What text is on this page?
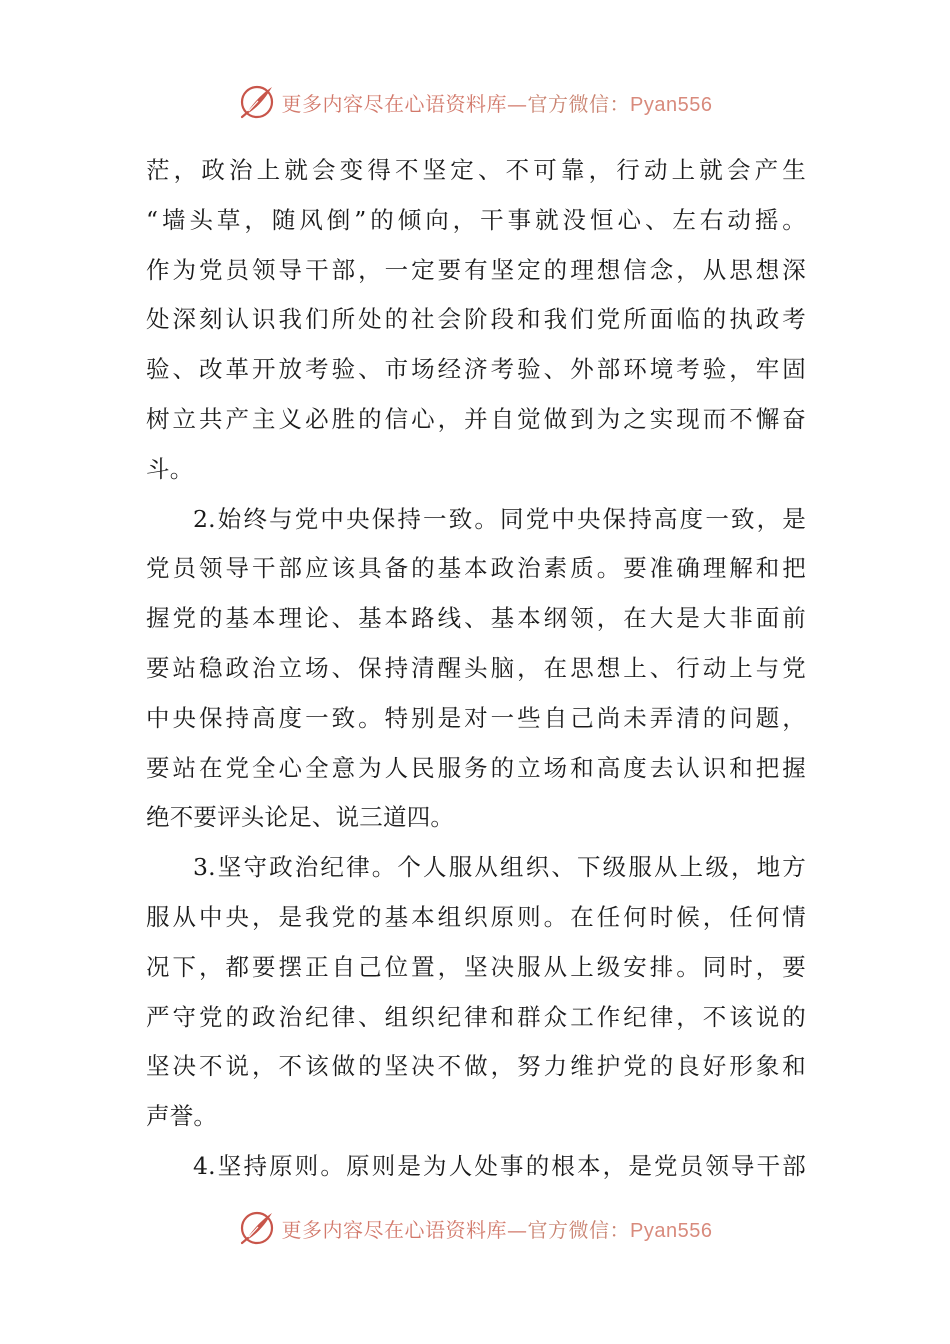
更多内容尽在心语资料库—官方微信：Pyan556
茫，政治上就会变得不坚定、不可靠，行动上就会产生
“墙头草，随风倒”的倾向，干事就没恒心、左右动摇。
作为党员领导干部，一定要有坚定的理想信念，从思想深
处深刻认识我们所处的社会阶段和我们党所面临的执政考
验、改革开放考验、市场经济考验、外部环境考验，牢固
树立共产主义必胜的信心，并自觉做到为之实现而不懈奋
斗。
2.始终与党中央保持一致。同党中央保持高度一致，是
党员领导干部应该具备的基本政治素质。要准确理解和把
握党的基本理论、基本路线、基本纲领，在大是大非面前
要站稳政治立场、保持清醒头脑，在思想上、行动上与党
中央保持高度一致。特别是对一些自己尚未弄清的问题，
要站在党全心全意为人民服务的立场和高度去认识和把握
绝不要评头论足、说三道四。
3.坚守政治纪律。个人服从组织、下级服从上级，地方
服从中央，是我党的基本组织原则。在任何时候，任何情
况下，都要摆正自己位置，坚决服从上级安排。同时，要
严守党的政治纪律、组织纪律和群众工作纪律，不该说的
坚决不说，不该做的坚决不做，努力维护党的良好形象和
声誉。
4.坚持原则。原则是为人处事的根本，是党员领导干部
更多内容尽在心语资料库—官方微信：Pyan556
